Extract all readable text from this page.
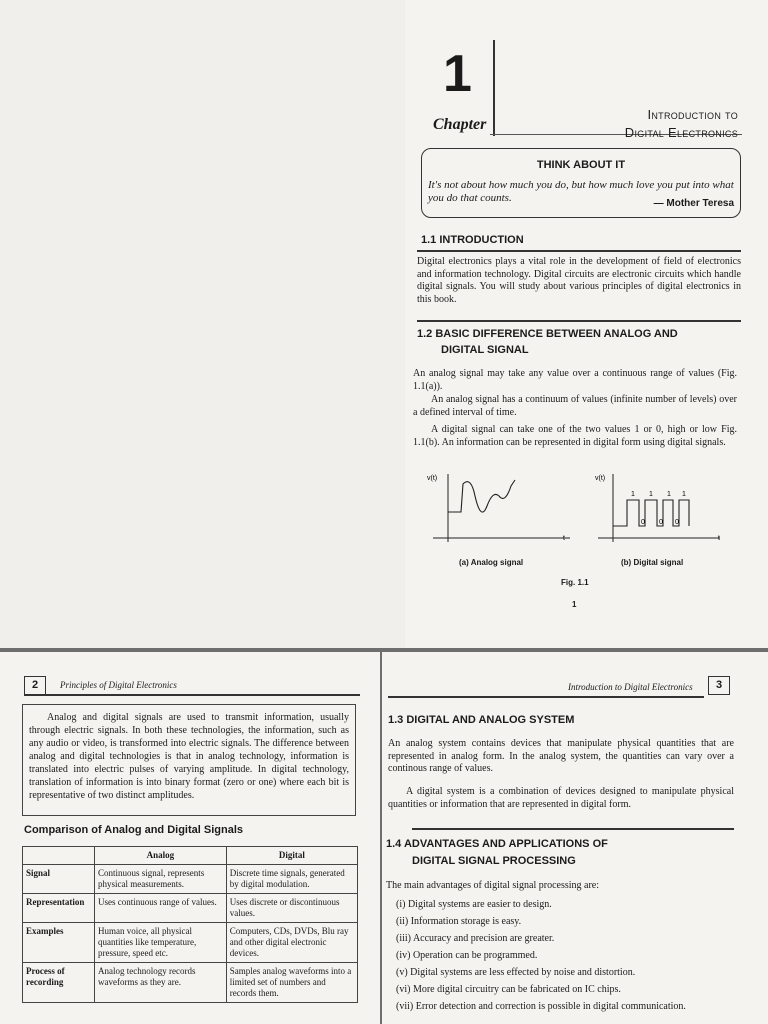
1
Chapter
Introduction to
Digital Electronics
THINK ABOUT IT
It's not about how much you do, but how much love you put into what you do that counts.	— Mother Teresa
1.1 INTRODUCTION
Digital electronics plays a vital role in the development of field of electronics and information technology. Digital circuits are electronic circuits which handle digital signals. You will study about various principles of digital electronics in this book.
1.2 BASIC DIFFERENCE BETWEEN ANALOG AND
DIGITAL SIGNAL
An analog signal may take any value over a continuous range of values (Fig. 1.1(a)).
An analog signal has a continuum of values (infinite number of levels) over a defined interval of time.
A digital signal can take one of the two values 1 or 0, high or low Fig. 1.1(b). An information can be represented in digital form using digital signals.
v(t)
t
v(t)
t
1
0
1
0
1
0
1
(a) Analog signal	(b) Digital signal
Fig. 1.1
1
2	Principles of Digital Electronics
Analog and digital signals are used to transmit information, usually through electric signals. In both these technologies, the information, such as any audio or video, is transformed into electric signals. The difference between analog and digital technologies is that in analog technology, information is translated into electric pulses of varying amplitude. In digital technology, translation of information is into binary format (zero or one) where each bit is representative of two distinct amplitudes.
Comparison of Analog and Digital Signals
	Analog	Digital
Signal	Continuous signal, represents physical measurements.	Discrete time signals, generated by digital modulation.
Representation	Uses continuous range of values.	Uses discrete or discontinuous values.
Examples	Human voice, all physical quantities like temperature, pressure, speed etc.	Computers, CDs, DVDs, Blu ray and other digital electronic devices.
Process of recording	Analog technology records waveforms as they are.	Samples analog waveforms into a limited set of numbers and records them.
Introduction to Digital Electronics	3
1.3 DIGITAL AND ANALOG SYSTEM
An analog system contains devices that manipulate physical quantities that are represented in analog form. In the analog system, the quantities can vary over a continous range of values.
A digital system is a combination of devices designed to manipulate physical quantities or information that are represented in digital form.
1.4 ADVANTAGES AND APPLICATIONS OF
DIGITAL SIGNAL PROCESSING
The main advantages of digital signal processing are:
(i) Digital systems are easier to design.
(ii) Information storage is easy.
(iii) Accuracy and precision are greater.
(iv) Operation can be programmed.
(v) Digital systems are less effected by noise and distortion.
(vi) More digital circuitry can be fabricated on IC chips.
(vii) Error detection and correction is possible in digital communication.
